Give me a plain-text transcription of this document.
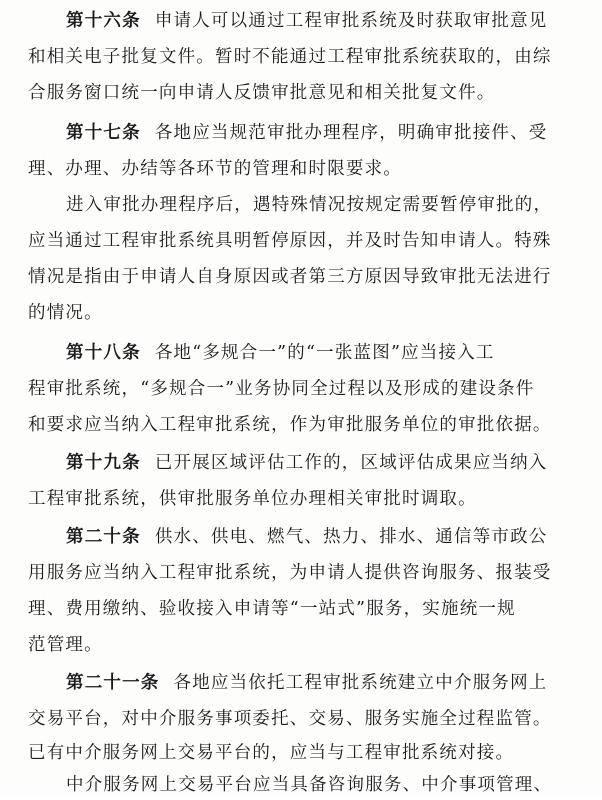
第十六条 申请人可以通过工程审批系统及时获取审批意见
和相关电子批复文件。暂时不能通过工程审批系统获取的，由综
合服务窗口统一向申请人反馈审批意见和相关批复文件。
第十七条 各地应当规范审批办理程序，明确审批接件、受
理、办理、办结等各环节的管理和时限要求。
进入审批办理程序后，遇特殊情况按规定需要暂停审批的，
应当通过工程审批系统具明暂停原因，并及时告知申请人。特殊
情况是指由于申请人自身原因或者第三方原因导致审批无法进行
的情况。
第十八条 各地“多规合一”的“一张蓝图”应当接入工
程审批系统，“多规合一”业务协同全过程以及形成的建设条件
和要求应当纳入工程审批系统，作为审批服务单位的审批依据。
第十九条 已开展区域评估工作的，区域评估成果应当纳入
工程审批系统，供审批服务单位办理相关审批时调取。
第二十条 供水、供电、燃气、热力、排水、通信等市政公
用服务应当纳入工程审批系统，为申请人提供咨询服务、报装受
理、费用缴纳、验收接入申请等“一站式”服务，实施统一规
范管理。
第二十一条 各地应当依托工程审批系统建立中介服务网上
交易平台，对中介服务事项委托、交易、服务实施全过程监管。
已有中介服务网上交易平台的，应当与工程审批系统对接。
中介服务网上交易平台应当具备咨询服务、中介事项管理、
